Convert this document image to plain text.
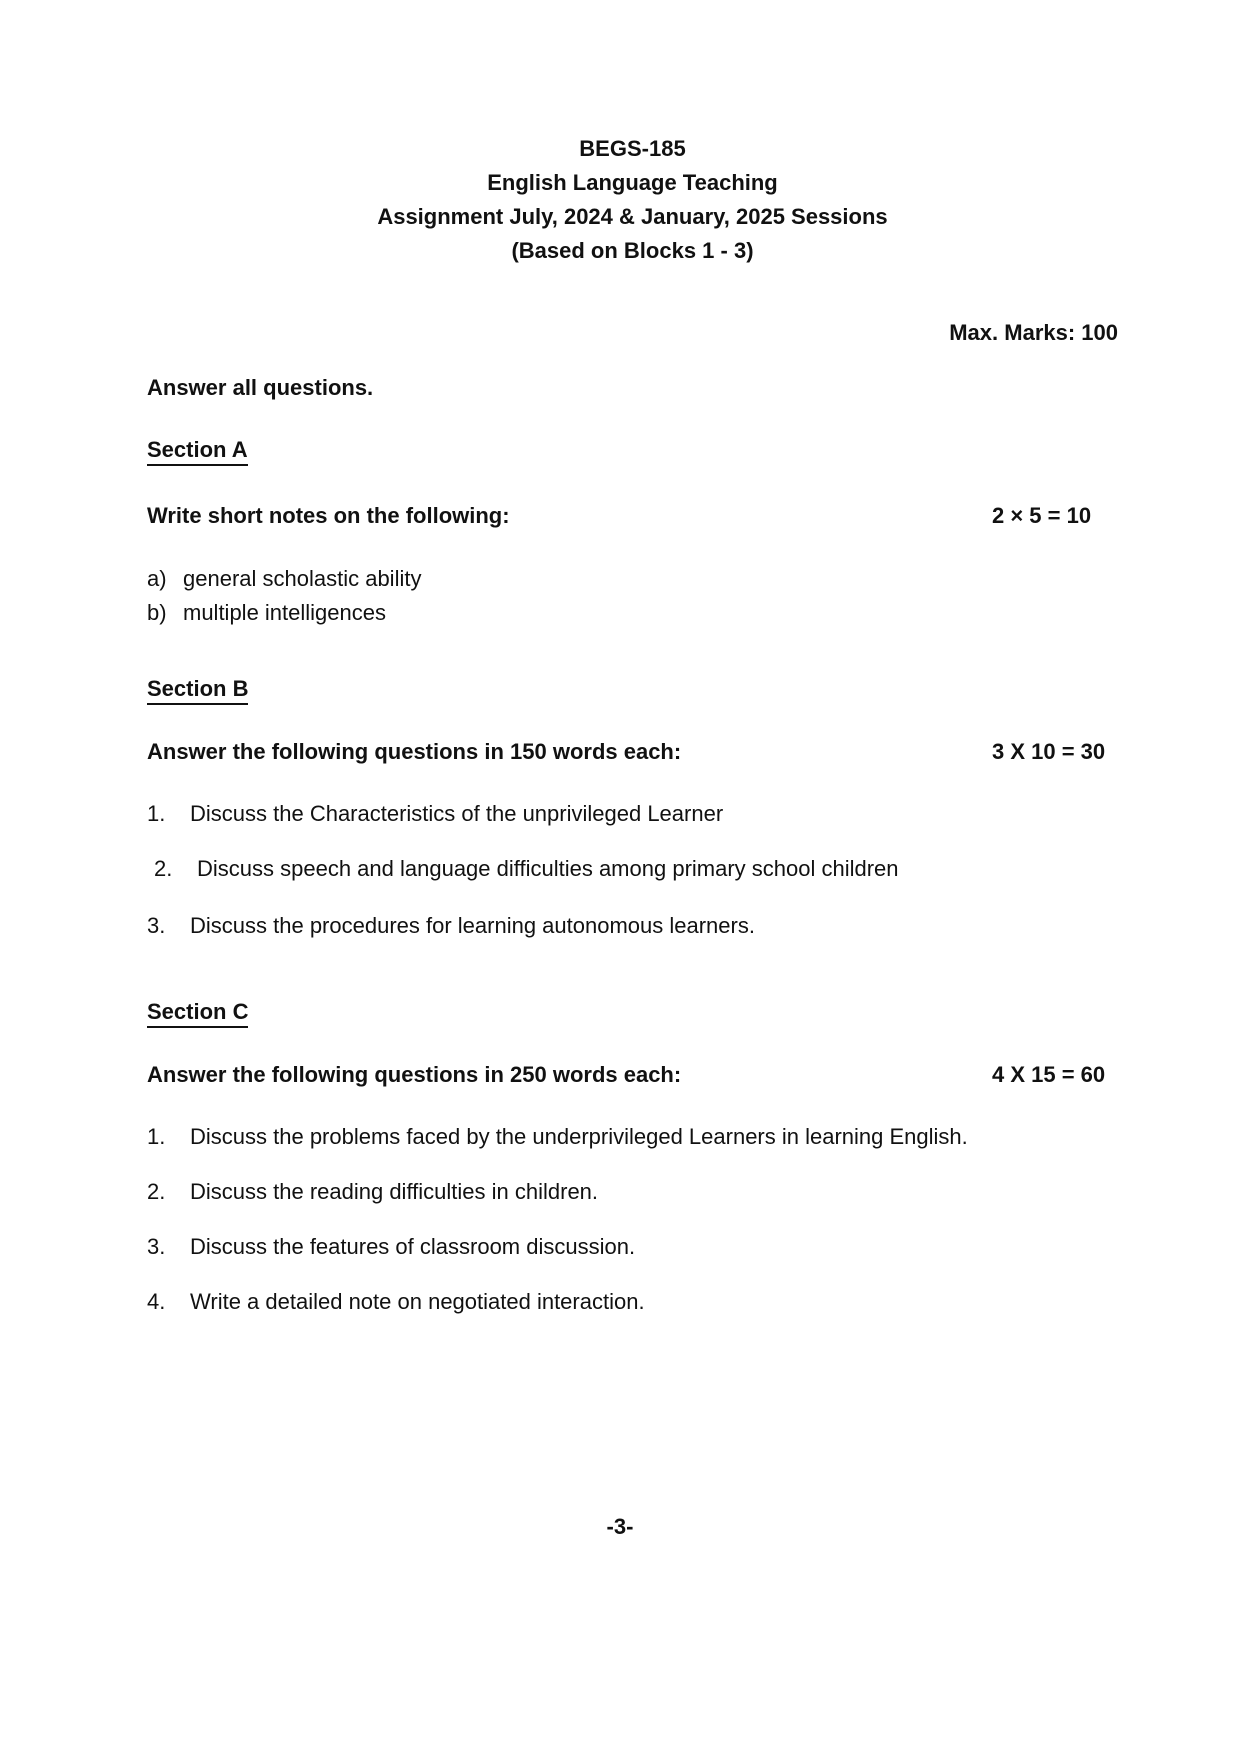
BEGS-185
English Language Teaching
Assignment July, 2024 & January, 2025 Sessions
(Based on Blocks 1 - 3)
Max. Marks: 100
Answer all questions.
Section A
Write short notes on the following:	2 × 5 = 10
a) general scholastic ability
b) multiple intelligences
Section B
Answer the following questions in 150 words each:	3 X 10 = 30
1.	Discuss the Characteristics of the unprivileged Learner
2.	Discuss speech and language difficulties among primary school children
3.	Discuss the procedures for learning autonomous learners.
Section C
Answer the following questions in 250 words each:	4 X 15 = 60
1.	Discuss the problems faced by the underprivileged Learners in learning English.
2.	Discuss the reading difficulties in children.
3.	Discuss the features of classroom discussion.
4.	Write a detailed note on negotiated interaction.
-3-
